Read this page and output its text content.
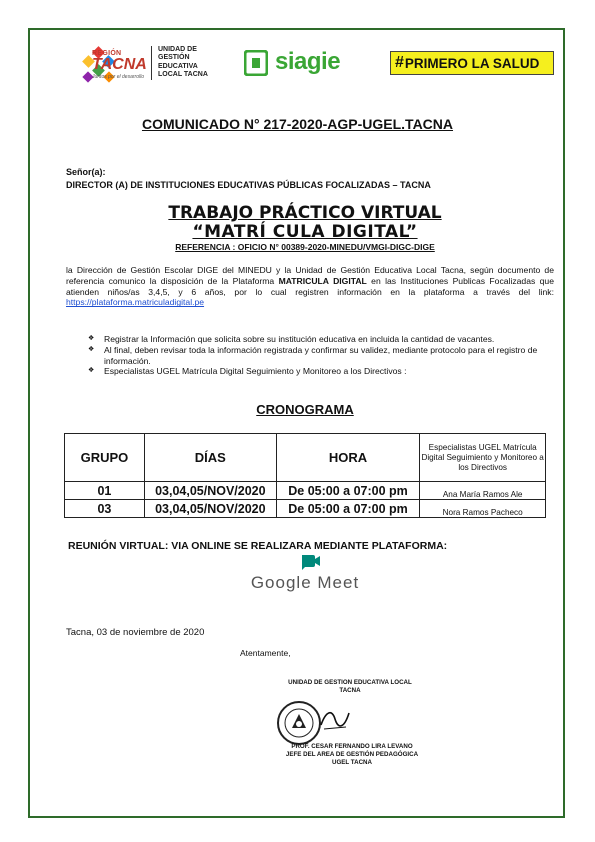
REGIÓN
TACNA
Juntos por el desarrollo
UNIDAD DE
GESTIÓN
EDUCATIVA
LOCAL TACNA	siagie	# PRIMERO LA SALUD
COMUNICADO N° 217-2020-AGP-UGEL.TACNA
Señor(a):
DIRECTOR (A) DE INSTITUCIONES EDUCATIVAS PÚBLICAS FOCALIZADAS – TACNA
TRABAJO PRÁCTICO VIRTUAL
“MATRÍ CULA DIGITAL”
REFERENCIA : OFICIO N° 00389-2020-MINEDU/VMGI-DIGC-DIGE
la Dirección de Gestión Escolar DIGE del MINEDU y la Unidad de Gestión Educativa Local Tacna, según documento de referencia comunico la disposición de la Plataforma MATRICULA DIGITAL en las Instituciones Publicas Focalizadas que atienden niños/as 3,4,5, y 6 años, por lo cual registren información en la plataforma a través del link: https://plataforma.matriculadigital.pe
❖ Registrar la Información que solicita sobre su institución educativa en incluida la cantidad de vacantes.
❖ Al final, deben revisar toda la información registrada y confirmar su validez, mediante protocolo para el registro de información.
❖ Especialistas UGEL Matrícula Digital Seguimiento y Monitoreo a los Directivos :
CRONOGRAMA
GRUPO	DÍAS	HORA	Especialistas UGEL Matrícula Digital Seguimiento y Monitoreo a los Directivos
01	03,04,05/NOV/2020	De 05:00 a 07:00 pm	Ana María Ramos Ale
03	03,04,05/NOV/2020	De 05:00 a 07:00 pm	Nora Ramos Pacheco
REUNIÓN VIRTUAL: VIA ONLINE SE REALIZARA MEDIANTE PLATAFORMA:
Google Meet
Tacna, 03 de noviembre de 2020
Atentamente,
UNIDAD DE GESTION EDUCATIVA LOCAL
TACNA
PROF. CESAR FERNANDO LIRA LEVANO
JEFE DEL AREA DE GESTIÓN PEDAGÓGICA
UGEL TACNA
